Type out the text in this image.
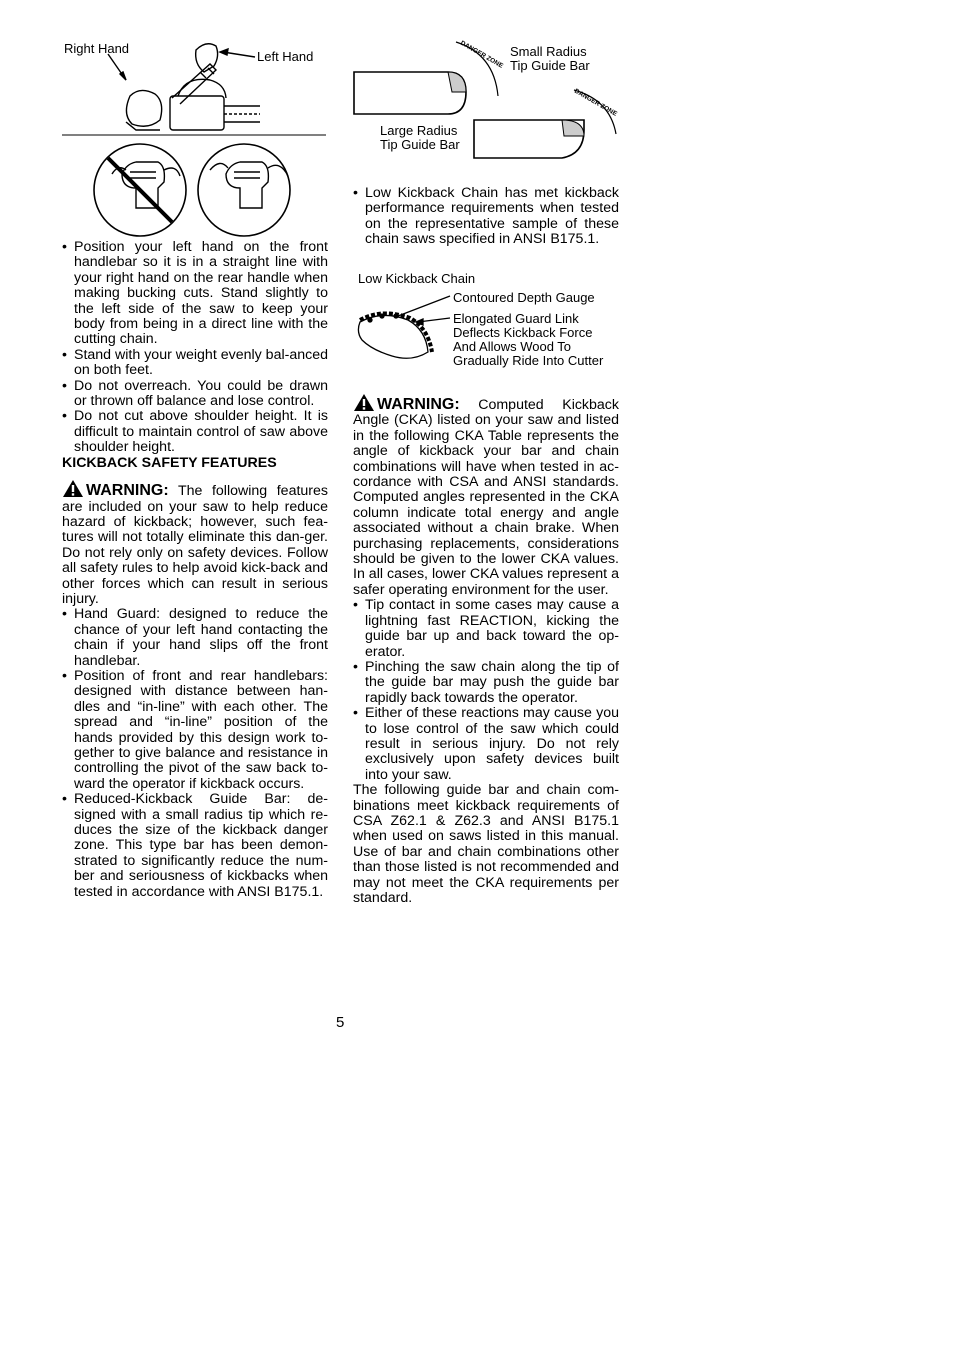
Right Hand
Left Hand
• Position your left hand on the front handlebar so it is in a straight line with your right hand on the rear handle when making bucking cuts. Stand slightly to the left side of the saw to keep your body from being in a direct line with the cutting chain.
• Stand with your weight evenly bal-anced on both feet.
• Do not overreach. You could be drawn or thrown off balance and lose control.
• Do not cut above shoulder height. It is difficult to maintain control of saw above shoulder height.
KICKBACK SAFETY FEATURES

WARNING: The following features are included on your saw to help reduce hazard of kickback; however, such fea-tures will not totally eliminate this dan-ger. Do not rely only on safety devices. Follow all safety rules to help avoid kick-back and other forces which can result in serious injury.

• Hand Guard: designed to reduce the chance of your left hand contacting the chain if your hand slips off the front handlebar.
• Position of front and rear handlebars: designed with distance between han-dles and “in-line” with each other. The spread and “in-line” position of the hands provided by this design work to-gether to give balance and resistance in controlling the pivot of the saw back to-ward the operator if kickback occurs.
• Reduced-Kickback Guide Bar: de-signed with a small radius tip which re-duces the size of the kickback danger zone. This type bar has been demon-strated to significantly reduce the num-ber and seriousness of kickbacks when tested in accordance with ANSI B175.1.
Small Radius
Tip Guide Bar
Large Radius
Tip Guide Bar
DANGER ZONE
DANGER ZONE
• Low Kickback Chain has met kickback performance requirements when tested on the representative sample of these chain saws specified in ANSI B175.1.
Low Kickback Chain
Contoured Depth Gauge
Elongated Guard Link
Deflects Kickback Force
And Allows Wood To
Gradually Ride Into Cutter

WARNING: Computed Kickback Angle (CKA) listed on your saw and listed in the following CKA Table represents the angle of kickback your bar and chain combinations will have when tested in ac-cordance with CSA and ANSI standards. Computed angles represented in the CKA column indicate total energy and angle associated without a chain brake. When purchasing replacements, considerations should be given to the lower CKA values. In all cases, lower CKA values represent a safer operating environment for the user.

• Tip contact in some cases may cause a lightning fast REACTION, kicking the guide bar up and back toward the op-erator.
• Pinching the saw chain along the tip of the guide bar may push the guide bar rapidly back towards the operator.
• Either of these reactions may cause you to lose control of the saw which could result in serious injury. Do not rely exclusively upon safety devices built into your saw.

The following guide bar and chain com-binations meet kickback requirements of CSA Z62.1 & Z62.3 and ANSI B175.1 when used on saws listed in this manual. Use of bar and chain combinations other than those listed is not recommended and may not meet the CKA requirements per standard.

5
